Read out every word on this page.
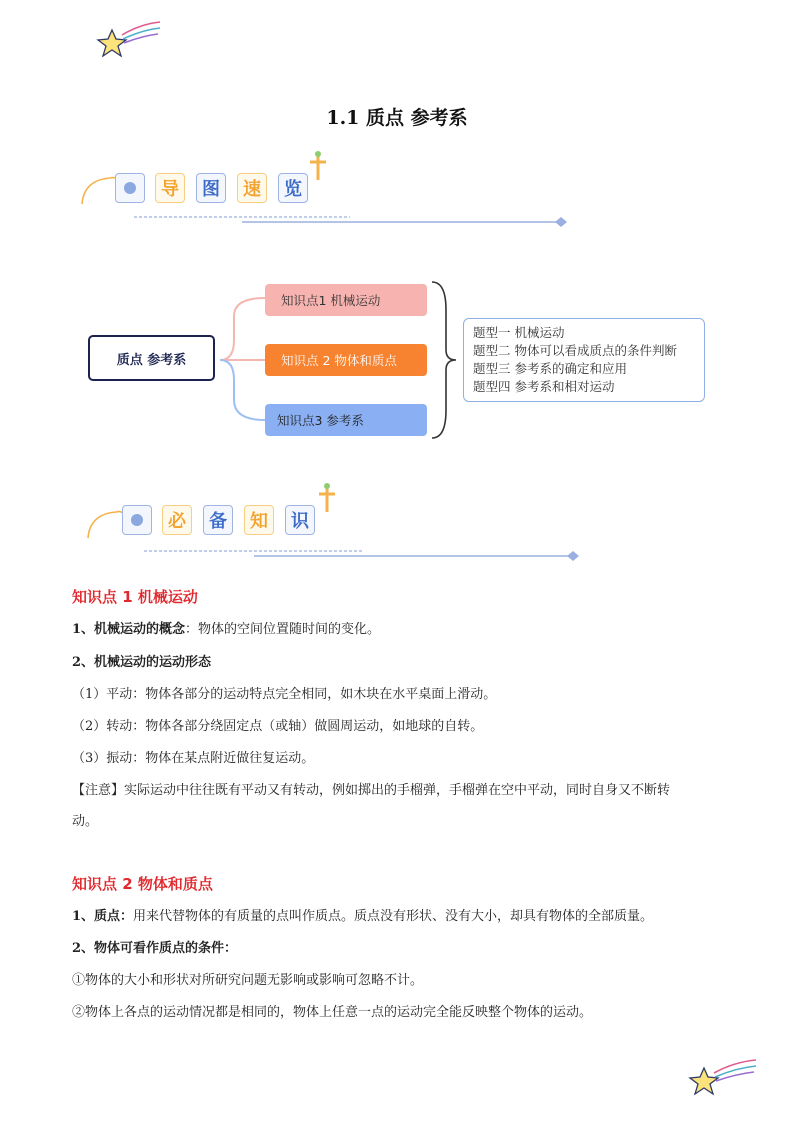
1.1 质点 参考系
导	图	速	览
质点 参考系
知识点1 机械运动
知识点 2 物体和质点
知识点3 参考系
题型一 机械运动
题型二 物体可以看成质点的条件判断
题型三 参考系的确定和应用
题型四 参考系和相对运动
必	备	知	识
知识点 1 机械运动
1、机械运动的概念：物体的空间位置随时间的变化。
2、机械运动的运动形态
（1）平动：物体各部分的运动特点完全相同，如木块在水平桌面上滑动。
（2）转动：物体各部分绕固定点（或轴）做圆周运动，如地球的自转。
（3）振动：物体在某点附近做往复运动。
【注意】实际运动中往往既有平动又有转动，例如掷出的手榴弹，手榴弹在空中平动，同时自身又不断转
动。
知识点 2 物体和质点
1、质点：用来代替物体的有质量的点叫作质点。质点没有形状、没有大小，却具有物体的全部质量。
2、物体可看作质点的条件：
①物体的大小和形状对所研究问题无影响或影响可忽略不计。
②物体上各点的运动情况都是相同的，物体上任意一点的运动完全能反映整个物体的运动。
